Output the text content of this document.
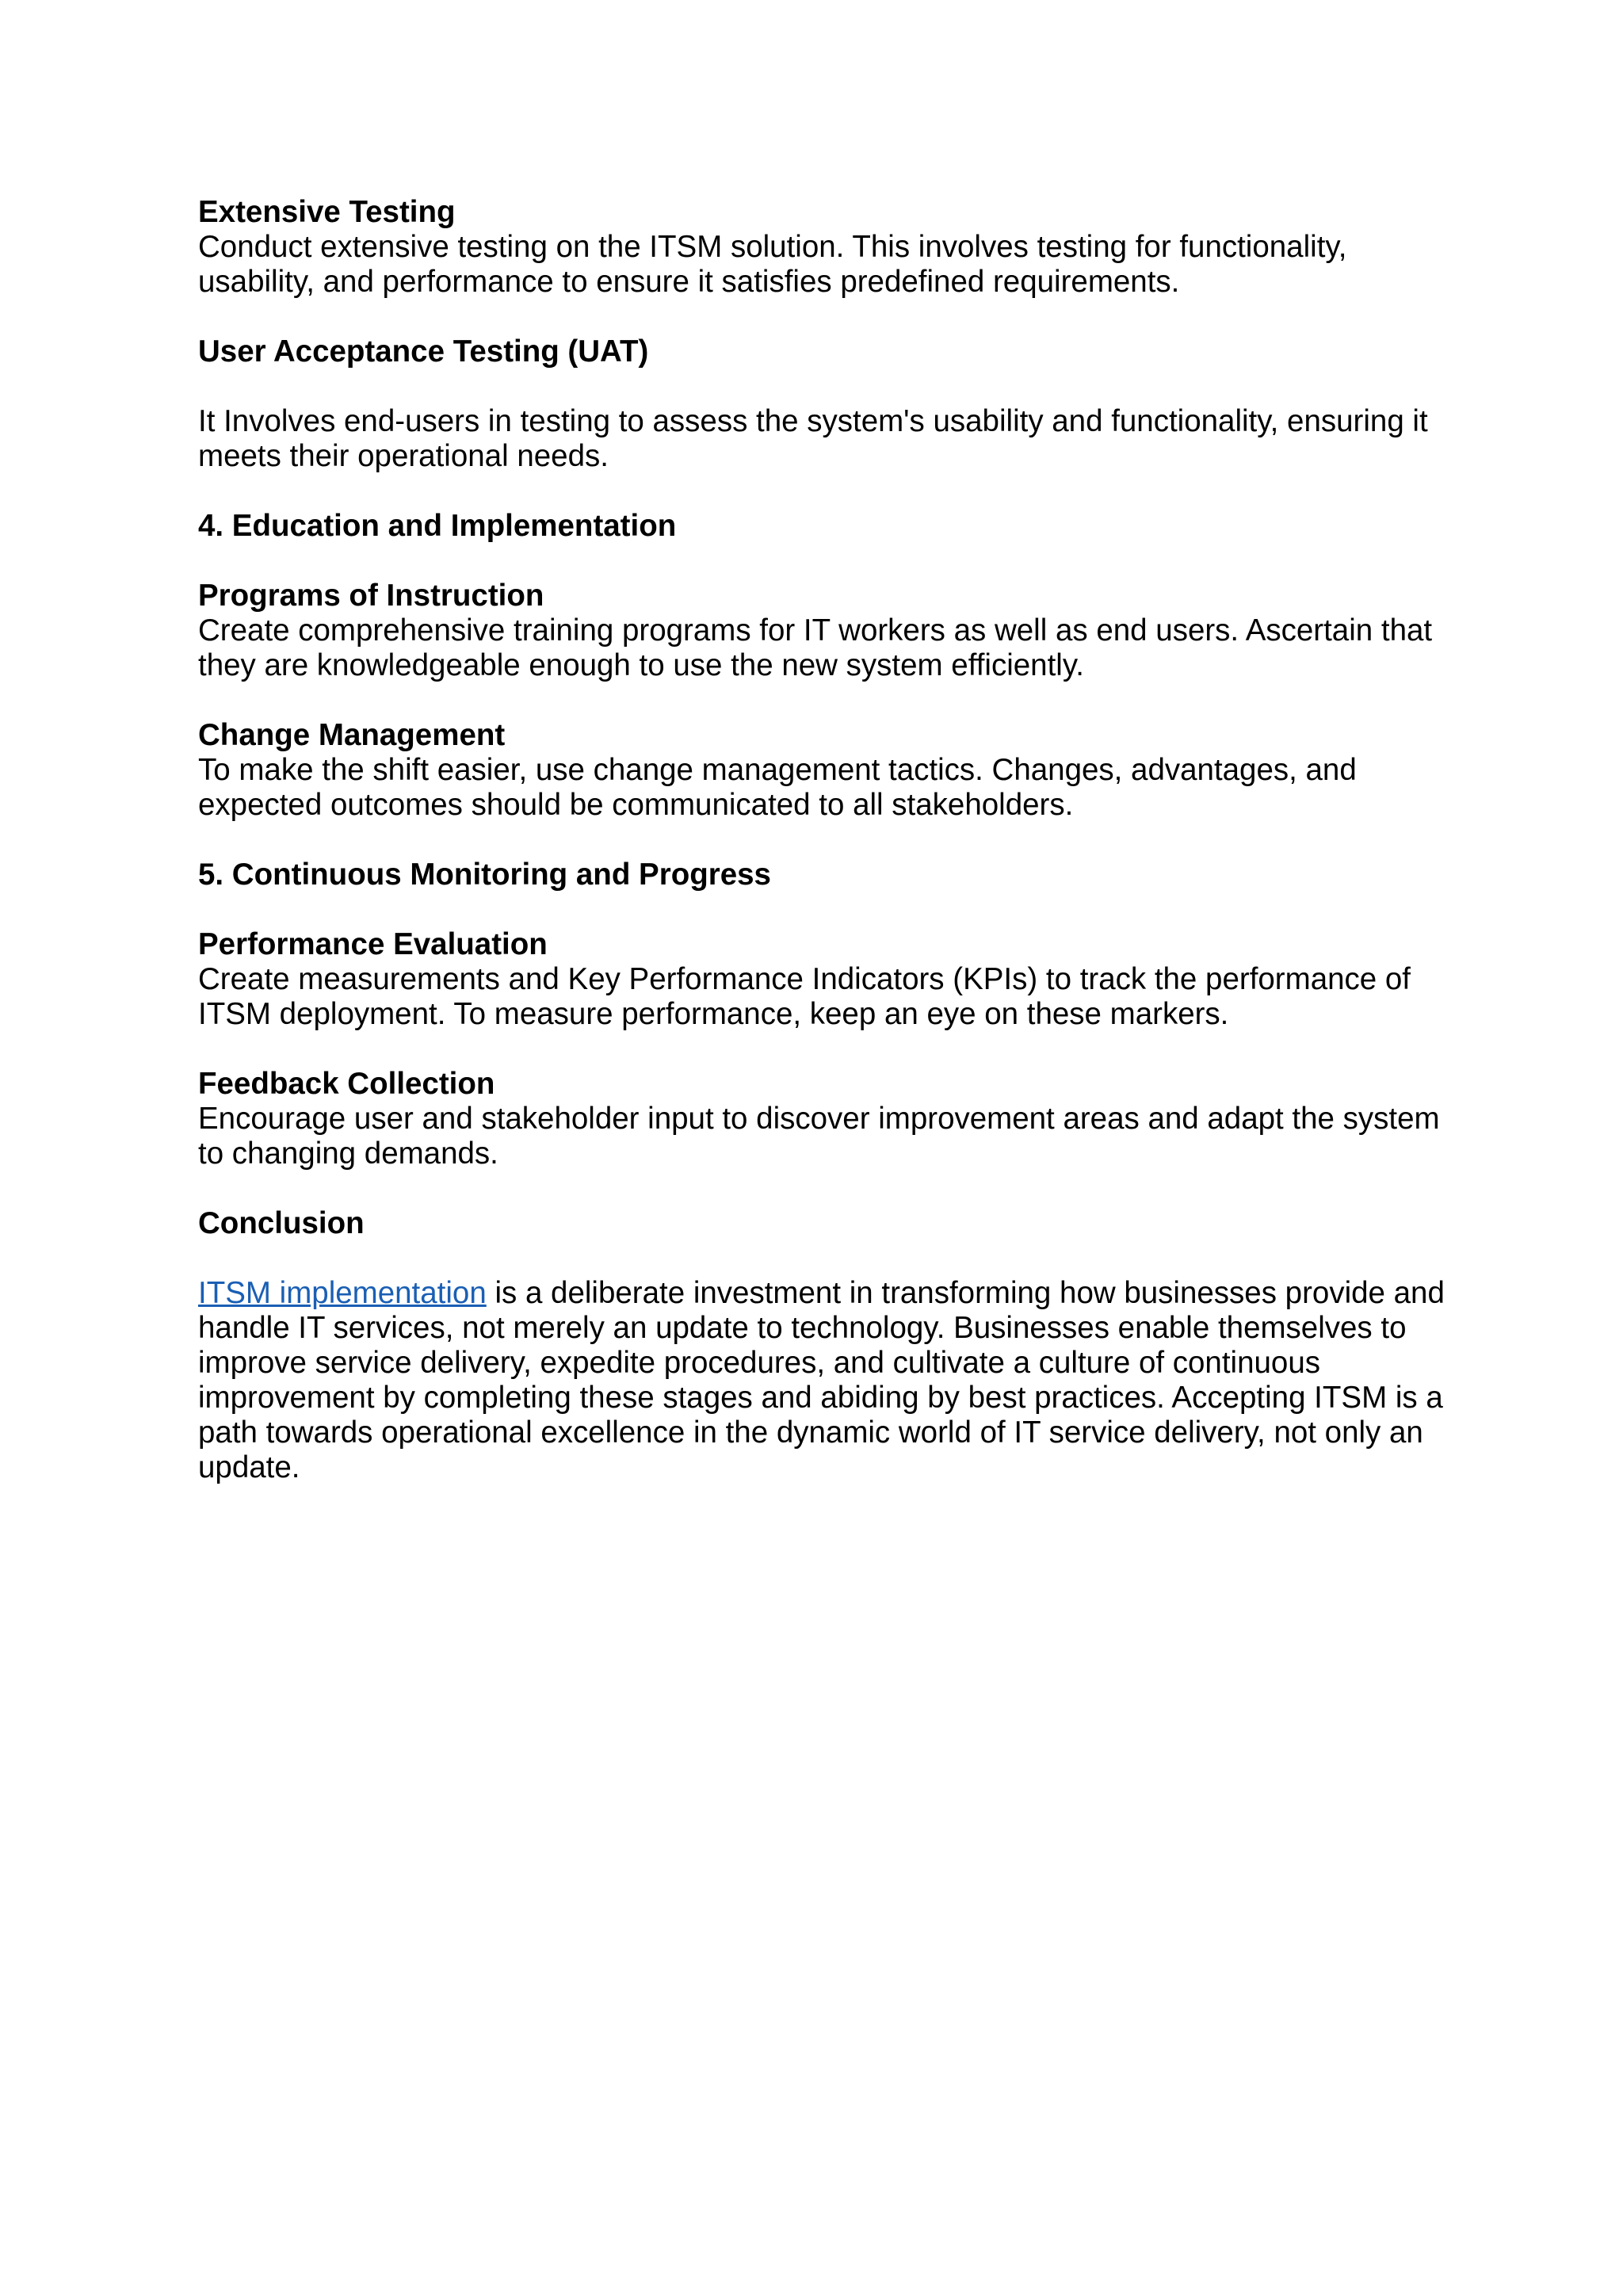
Extensive Testing

Conduct extensive testing on the ITSM solution. This involves testing for functionality, usability, and performance to ensure it satisfies predefined requirements.

User Acceptance Testing (UAT)

It Involves end-users in testing to assess the system's usability and functionality, ensuring it meets their operational needs.

4. Education and Implementation

Programs of Instruction

Create comprehensive training programs for IT workers as well as end users. Ascertain that they are knowledgeable enough to use the new system efficiently.

Change Management

To make the shift easier, use change management tactics. Changes, advantages, and expected outcomes should be communicated to all stakeholders.

5. Continuous Monitoring and Progress

Performance Evaluation

Create measurements and Key Performance Indicators (KPIs) to track the performance of ITSM deployment. To measure performance, keep an eye on these markers.

Feedback Collection

Encourage user and stakeholder input to discover improvement areas and adapt the system to changing demands.

Conclusion

ITSM implementation is a deliberate investment in transforming how businesses provide and handle IT services, not merely an update to technology. Businesses enable themselves to improve service delivery, expedite procedures, and cultivate a culture of continuous improvement by completing these stages and abiding by best practices. Accepting ITSM is a path towards operational excellence in the dynamic world of IT service delivery, not only an update.
